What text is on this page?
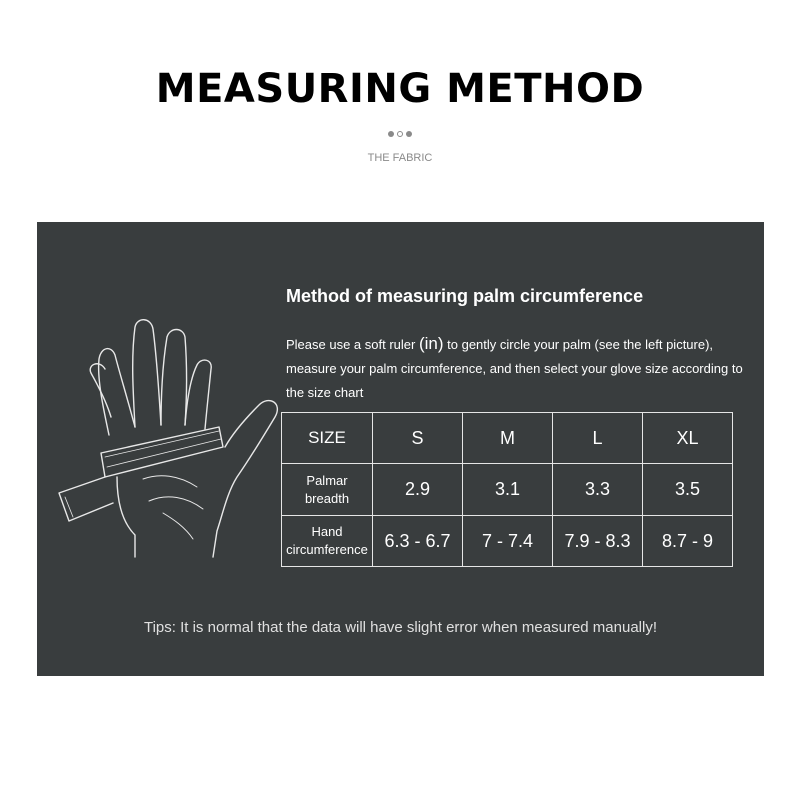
MEASURING METHOD
THE FABRIC
Method of measuring palm circumference
Please use a soft ruler (in) to gently circle your palm (see the left picture), measure your palm circumference, and then select your glove size according to the size chart
SIZE	S	M	L	XL
Palmar
breadth	2.9	3.1	3.3	3.5
Hand
circumference	6.3 - 6.7	7 - 7.4	7.9 - 8.3	8.7 - 9
Tips: It is normal that the data will have slight error when measured manually!
